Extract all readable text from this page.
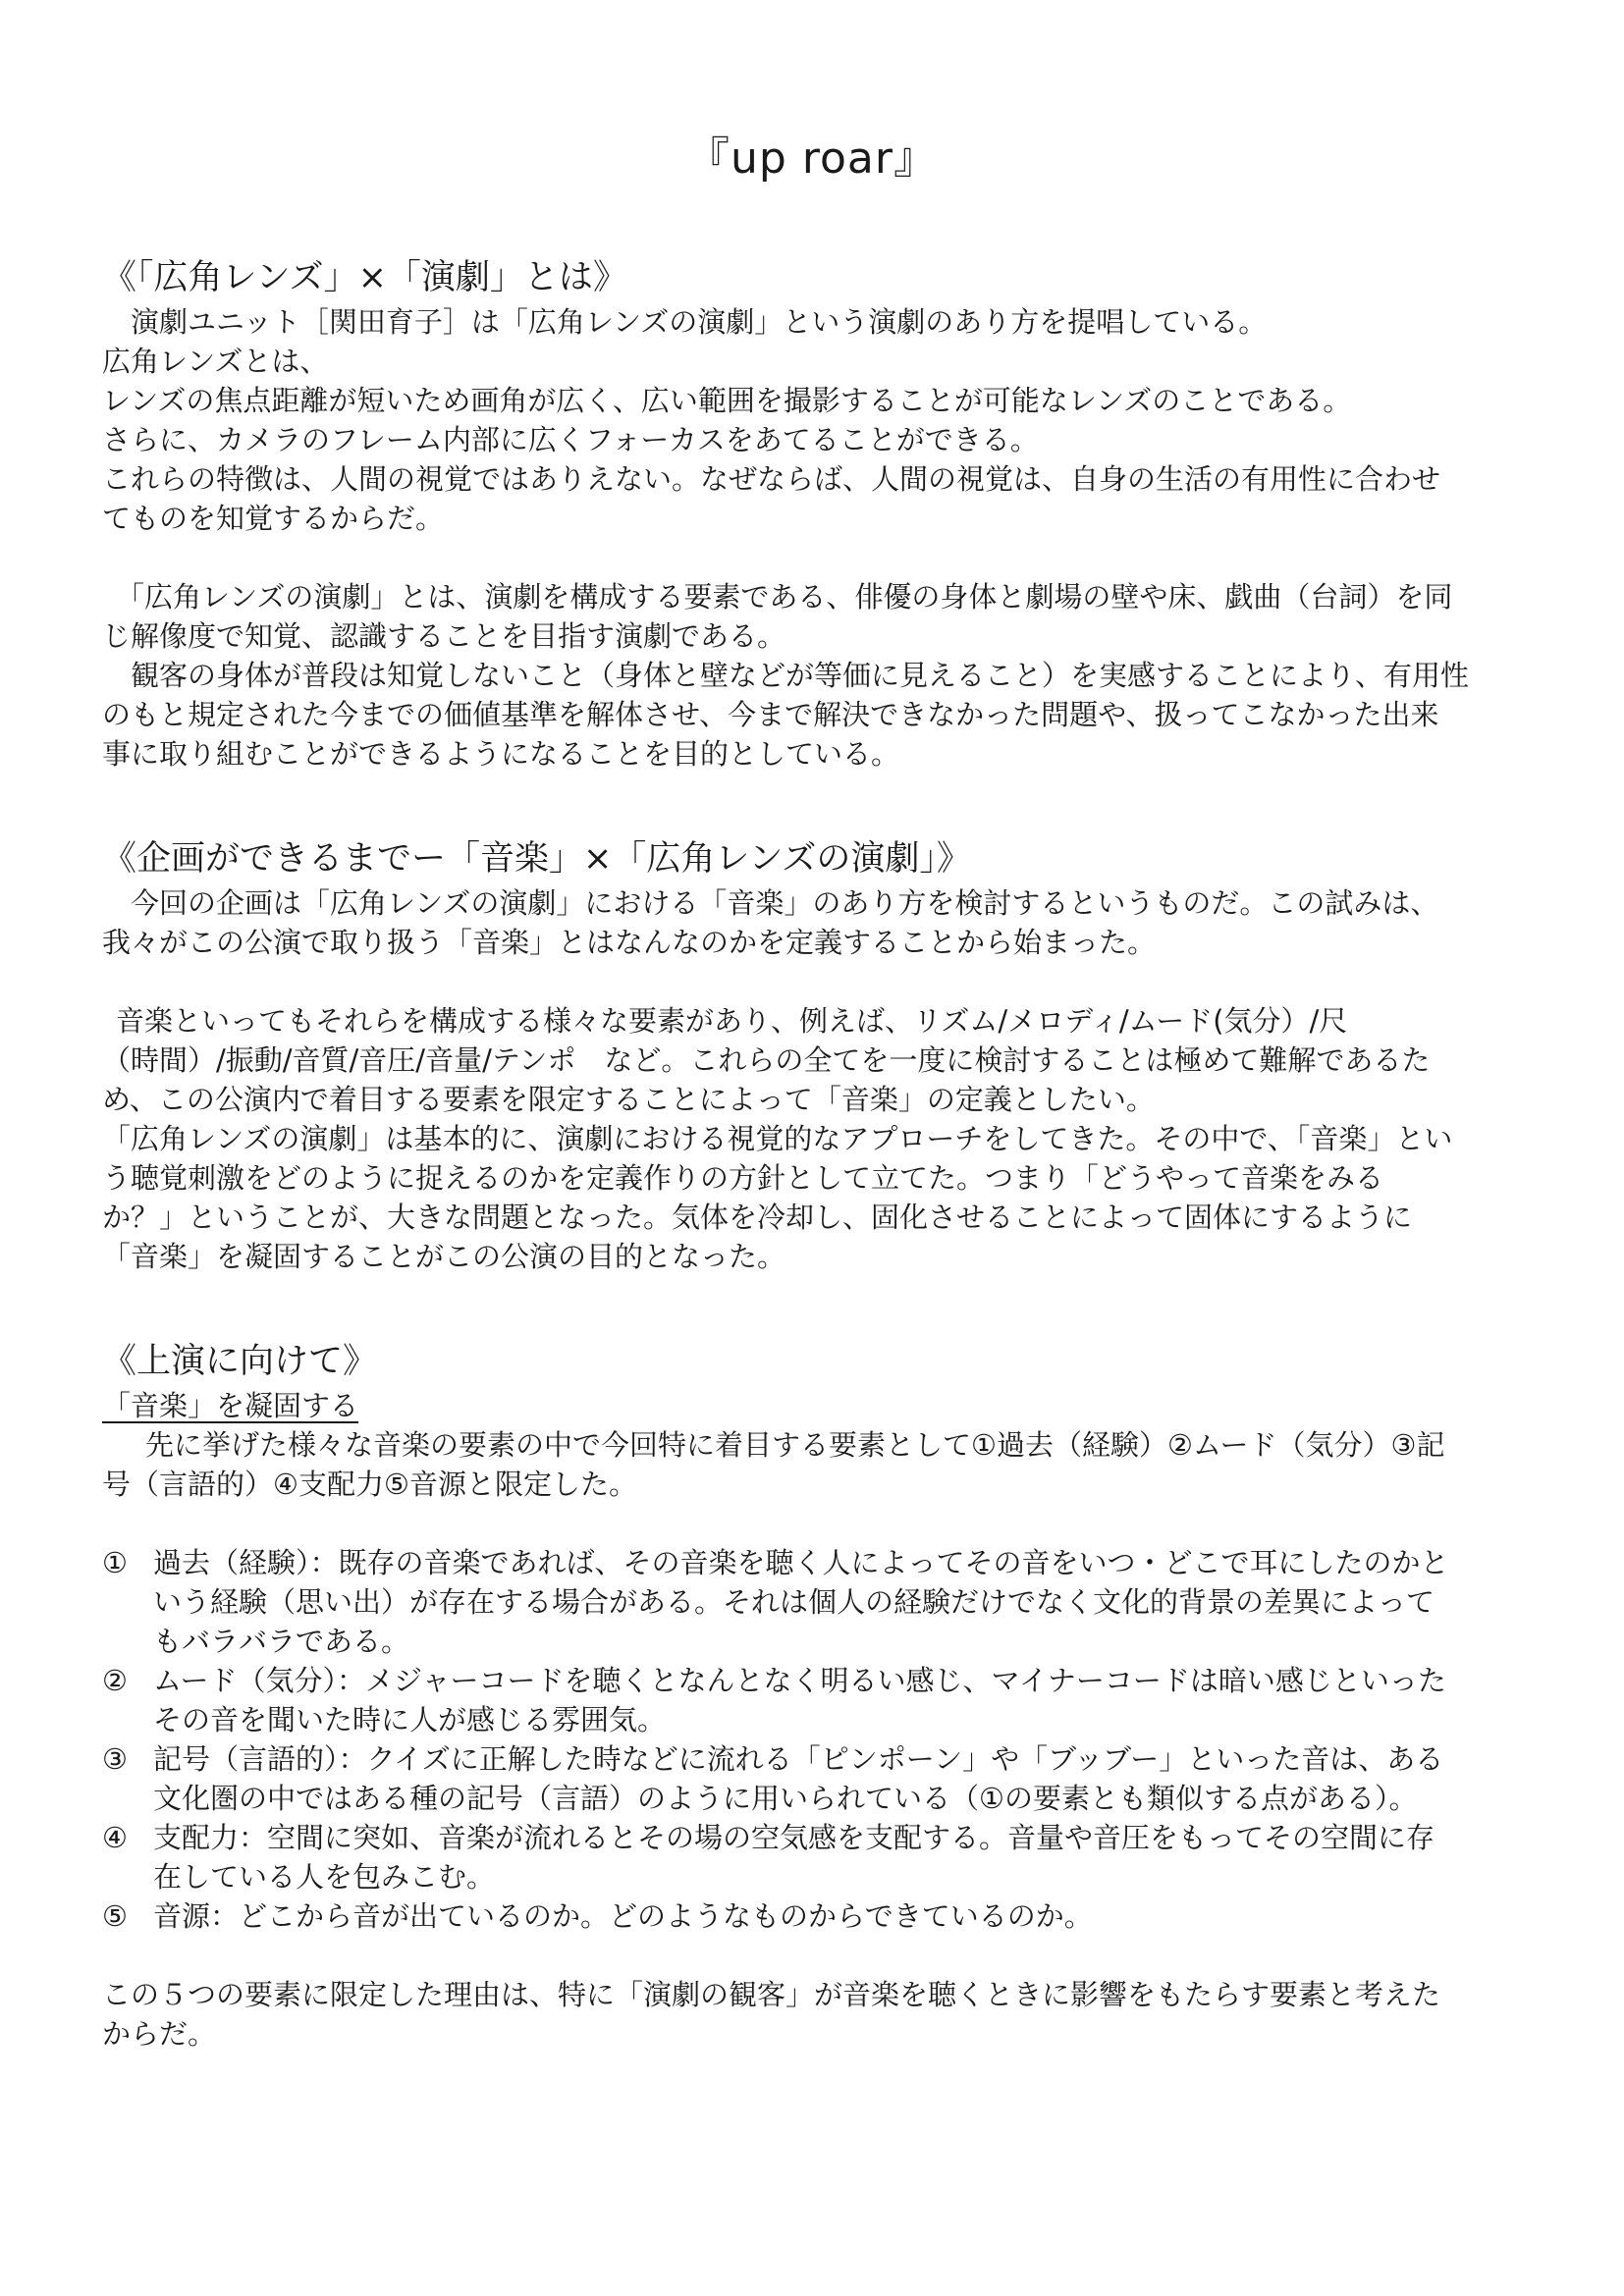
『up roar』
《「広角レンズ」×「演劇」とは》

演劇ユニット［関田育子］は「広角レンズの演劇」という演劇のあり方を提唱している。

広角レンズとは、

レンズの焦点距離が短いため画角が広く、広い範囲を撮影することが可能なレンズのことである。

さらに、カメラのフレーム内部に広くフォーカスをあてることができる。

これらの特徴は、人間の視覚ではありえない。なぜならば、人間の視覚は、自身の生活の有用性に合わせ

てものを知覚するからだ。

「広角レンズの演劇」とは、演劇を構成する要素である、俳優の身体と劇場の壁や床、戯曲（台詞）を同

じ解像度で知覚、認識することを目指す演劇である。

観客の身体が普段は知覚しないこと（身体と壁などが等価に見えること）を実感することにより、有用性

のもと規定された今までの価値基準を解体させ、今まで解決できなかった問題や、扱ってこなかった出来

事に取り組むことができるようになることを目的としている。

《企画ができるまでー「音楽」×「広角レンズの演劇」》

今回の企画は「広角レンズの演劇」における「音楽」のあり方を検討するというものだ。この試みは、

我々がこの公演で取り扱う「音楽」とはなんなのかを定義することから始まった。

音楽といってもそれらを構成する様々な要素があり、例えば、リズム/メロディ/ムード(気分）/尺

（時間）/振動/音質/音圧/音量/テンポ　など。これらの全てを一度に検討することは極めて難解であるた

め、この公演内で着目する要素を限定することによって「音楽」の定義としたい。

「広角レンズの演劇」は基本的に、演劇における視覚的なアプローチをしてきた。その中で、「音楽」とい

う聴覚刺激をどのように捉えるのかを定義作りの方針として立てた。つまり「どうやって音楽をみる

か？」ということが、大きな問題となった。気体を冷却し、固化させることによって固体にするように

「音楽」を凝固することがこの公演の目的となった。

《上演に向けて》

「音楽」を凝固する

先に挙げた様々な音楽の要素の中で今回特に着目する要素として①過去（経験）②ムード（気分）③記

号（言語的）④支配力⑤音源と限定した。

① 過去（経験）：既存の音楽であれば、その音楽を聴く人によってその音をいつ・どこで耳にしたのかと

いう経験（思い出）が存在する場合がある。それは個人の経験だけでなく文化的背景の差異によって

もバラバラである。

② ムード（気分）：メジャーコードを聴くとなんとなく明るい感じ、マイナーコードは暗い感じといった

その音を聞いた時に人が感じる雰囲気。

③ 記号（言語的）：クイズに正解した時などに流れる「ピンポーン」や「ブッブー」といった音は、ある

文化圏の中ではある種の記号（言語）のように用いられている（①の要素とも類似する点がある）。

④ 支配力：空間に突如、音楽が流れるとその場の空気感を支配する。音量や音圧をもってその空間に存

在している人を包みこむ。

⑤ 音源：どこから音が出ているのか。どのようなものからできているのか。

この５つの要素に限定した理由は、特に「演劇の観客」が音楽を聴くときに影響をもたらす要素と考えた

からだ。
